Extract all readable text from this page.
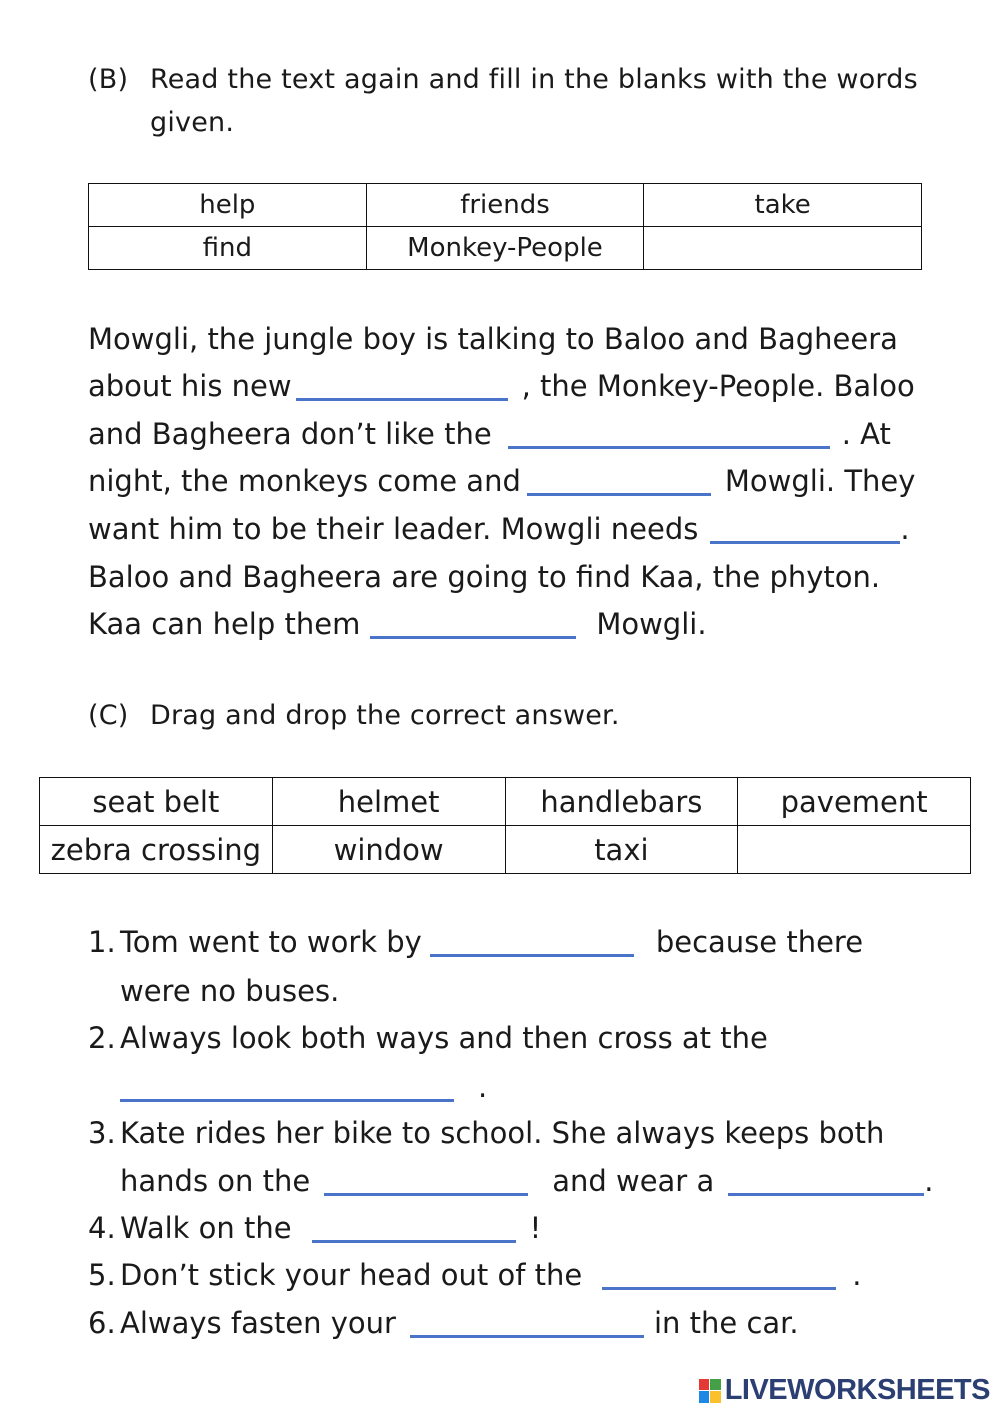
(B) Read the text again and fill in the blanks with the words
given.
help	friends	take
find	Monkey-People	
Mowgli, the jungle boy is talking to Baloo and Bagheera
about his new	, the Monkey-People. Baloo
and Bagheera don’t like the	. At
night, the monkeys come and	Mowgli. They
want him to be their leader. Mowgli needs	.
Baloo and Bagheera are going to find Kaa, the phyton.
Kaa can help them	Mowgli.
(C) Drag and drop the correct answer.
seat belt	helmet	handlebars	pavement
zebra crossing	window	taxi	
1. Tom went to work by	because there
were no buses.
2. Always look both ways and then cross at the
.
3. Kate rides her bike to school. She always keeps both
hands on the	and wear a	.
4. Walk on the	!
5. Don’t stick your head out of the	.
6. Always fasten your	in the car.
LIVEWORKSHEETS
